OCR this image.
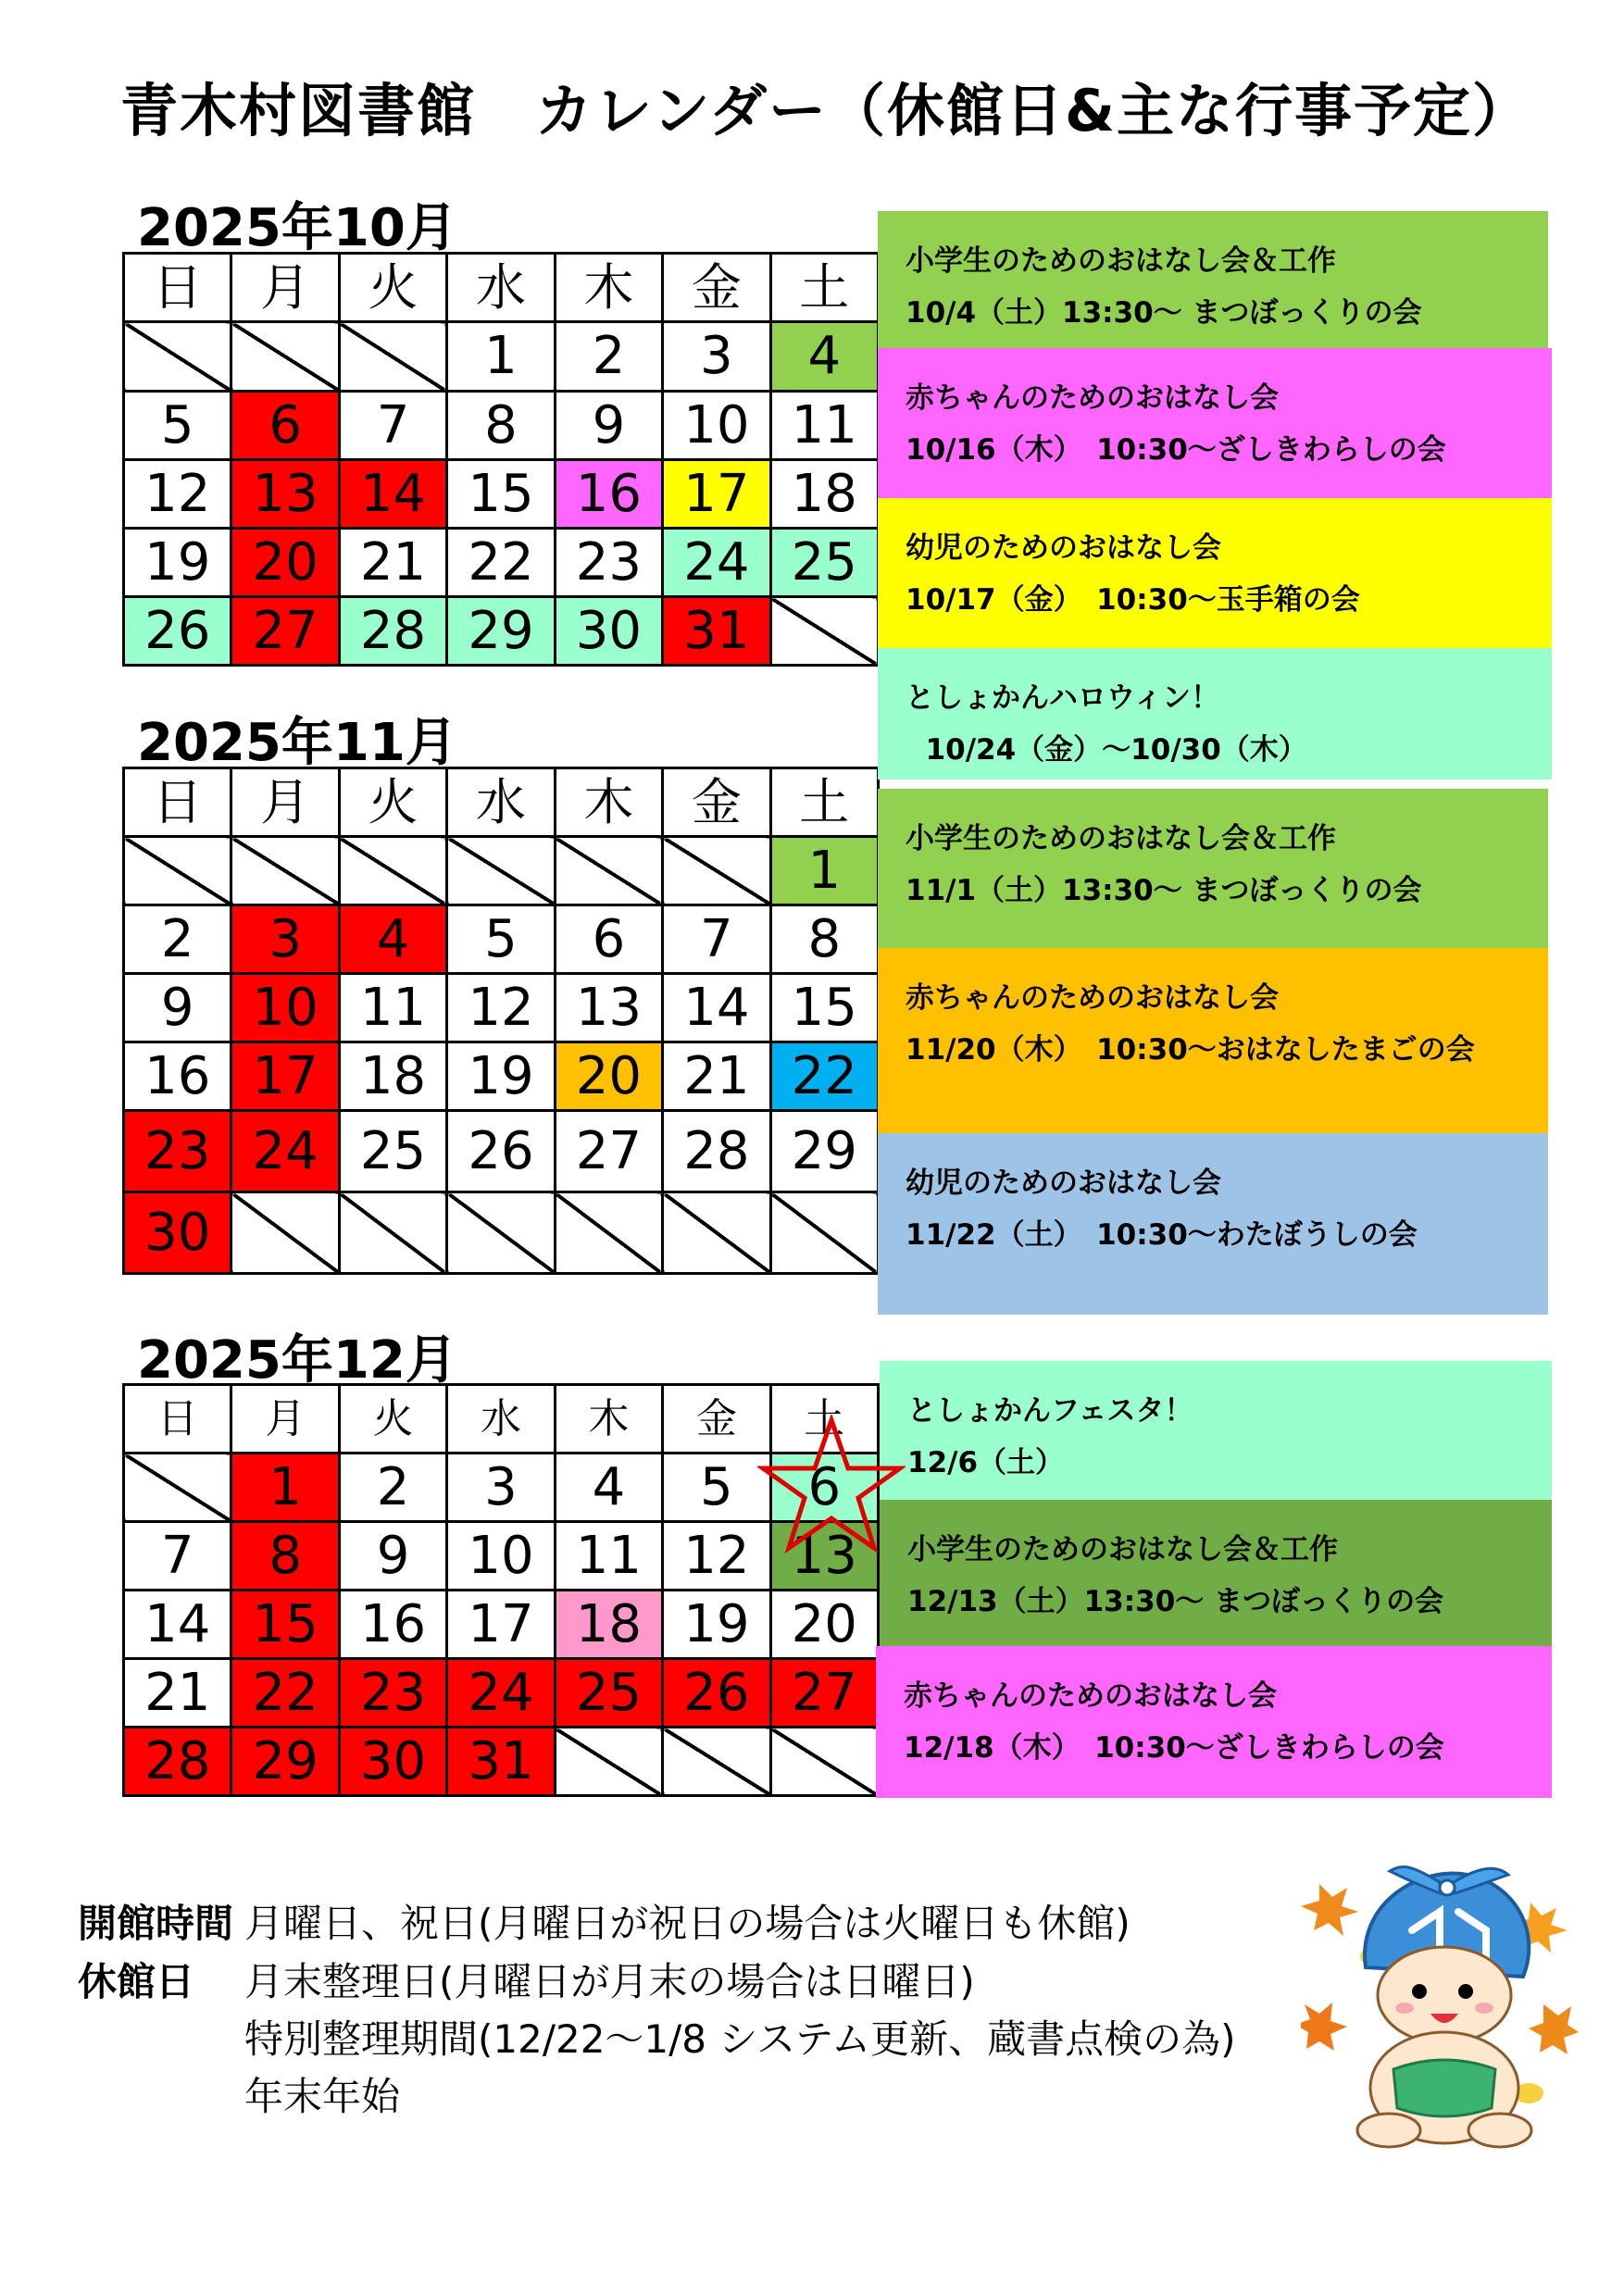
青木村図書館　カレンダー（休館日&主な行事予定）
2025年10月
日	月	火	水	木	金	土
			1	2	3	4
5	6	7	8	9	10	11
12	13	14	15	16	17	18
19	20	21	22	23	24	25
26	27	28	29	30	31	
2025年11月
日	月	火	水	木	金	土
						1
2	3	4	5	6	7	8
9	10	11	12	13	14	15
16	17	18	19	20	21	22
23	24	25	26	27	28	29
30						
2025年12月
日	月	火	水	木	金	土
	1	2	3	4	5	6
7	8	9	10	11	12	13
14	15	16	17	18	19	20
21	22	23	24	25	26	27
28	29	30	31			
小学生のためのおはなし会＆工作
10/4（土）13:30～ まつぼっくりの会
赤ちゃんのためのおはなし会
10/16（木）　10:30～ざしきわらしの会
幼児のためのおはなし会
10/17（金）　10:30～玉手箱の会
としょかんハロウィン！
10/24（金）～10/30（木）
小学生のためのおはなし会＆工作
11/1（土）13:30～ まつぼっくりの会
赤ちゃんのためのおはなし会
11/20（木）　10:30～おはなしたまごの会
幼児のためのおはなし会
11/22（土）　10:30～わたぼうしの会
としょかんフェスタ！
12/6（土）
小学生のためのおはなし会＆工作
12/13（土）13:30～ まつぼっくりの会
赤ちゃんのためのおはなし会
12/18（木）　10:30～ざしきわらしの会
開館時間 月曜日、祝日(月曜日が祝日の場合は火曜日も休館)
休館日 月末整理日(月曜日が月末の場合は日曜日)
特別整理期間(12/22～1/8 システム更新、蔵書点検の為)
年末年始
